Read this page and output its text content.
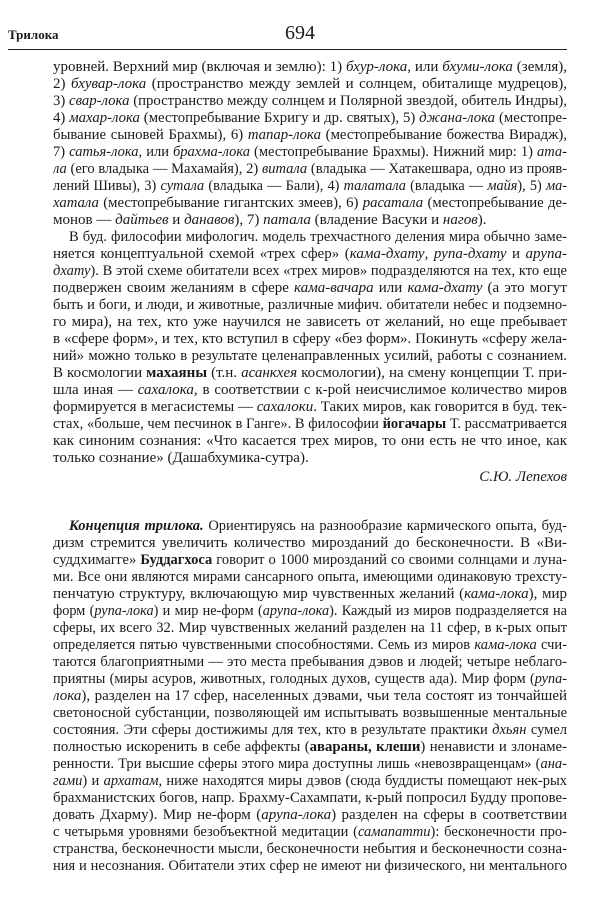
Трилока	694
уровней. Верхний мир (включая и землю): 1) бхур-лока, или бхуми-лока (земля),
2) бхувар-лока (пространство между землей и солнцем, обиталище мудрецов),
3) свар-лока (пространство между солнцем и Полярной звездой, обитель Индры),
4) махар-лока (местопребывание Бхригу и др. святых), 5) джана-лока (местопре-
бывание сыновей Брахмы), 6) тапар-лока (местопребывание божества Вирадж),
7) сатья-лока, или брахма-лока (местопребывание Брахмы). Нижний мир: 1) ата-
ла (его владыка — Махамайя), 2) витала (владыка — Хатакешвара, одно из прояв-
лений Шивы), 3) сутала (владыка — Бали), 4) талатала (владыка — майя), 5) ма-
хатала (местопребывание гигантских змеев), 6) расатала (местопребывание де-
монов — дайтьев и данавов), 7) патала (владение Васуки и нагов).
В буд. философии мифологич. модель трехчастного деления мира обычно заме-
няется концептуальной схемой «трех сфер» (кама-дхату, рупа-дхату и арупа-
дхату). В этой схеме обитатели всех «трех миров» подразделяются на тех, кто еще
подвержен своим желаниям в сфере кама-вачара или кама-дхату (а это могут
быть и боги, и люди, и животные, различные мифич. обитатели небес и подземно-
го мира), на тех, кто уже научился не зависеть от желаний, но еще пребывает
в «сфере форм», и тех, кто вступил в сферу «без форм». Покинуть «сферу жела-
ний» можно только в результате целенаправленных усилий, работы с сознанием.
В космологии махаяны (т.н. асанкхея космологии), на смену концепции Т. при-
шла иная — сахалока, в соответствии с к-рой неисчислимое количество миров
формируется в мегасистемы — сахалоки. Таких миров, как говорится в буд. тек-
стах, «больше, чем песчинок в Ганге». В философии йогачары Т. рассматривается
как синоним сознания: «Что касается трех миров, то они есть не что иное, как
только сознание» (Дашабхумика-сутра).
С.Ю. Лепехов
Концепция трилока. Ориентируясь на разнообразие кармического опыта, буд-
дизм стремится увеличить количество мирозданий до бесконечности. В «Ви-
суддхимагге» Буддагхоса говорит о 1000 мирозданий со своими солнцами и луна-
ми. Все они являются мирами сансарного опыта, имеющими одинаковую трехсту-
пенчатую структуру, включающую мир чувственных желаний (кама-лока), мир
форм (рупа-лока) и мир не-форм (арупа-лока). Каждый из миров подразделяется на
сферы, их всего 32. Мир чувственных желаний разделен на 11 сфер, в к-рых опыт
определяется пятью чувственными способностями. Семь из миров кама-лока счи-
таются благоприятными — это места пребывания дэвов и людей; четыре неблаго-
приятны (миры асуров, животных, голодных духов, существ ада). Мир форм (рупа-
лока), разделен на 17 сфер, населенных дэвами, чьи тела состоят из тончайшей
светоносной субстанции, позволяющей им испытывать возвышенные ментальные
состояния. Эти сферы достижимы для тех, кто в результате практики дхьян сумел
полностью искоренить в себе аффекты (авараны, клеши) ненависти и злонаме-
ренности. Три высшие сферы этого мира доступны лишь «невозвращенцам» (ана-
гами) и архатам, ниже находятся миры дэвов (сюда буддисты помещают нек-рых
брахманистских богов, напр. Брахму-Сахампати, к-рый попросил Будду пропове-
довать Дхарму). Мир не-форм (арупа-лока) разделен на сферы в соответствии
с четырьмя уровнями безобъектной медитации (самапатти): бесконечности про-
странства, бесконечности мысли, бесконечности небытия и бесконечности созна-
ния и несознания. Обитатели этих сфер не имеют ни физического, ни ментального
